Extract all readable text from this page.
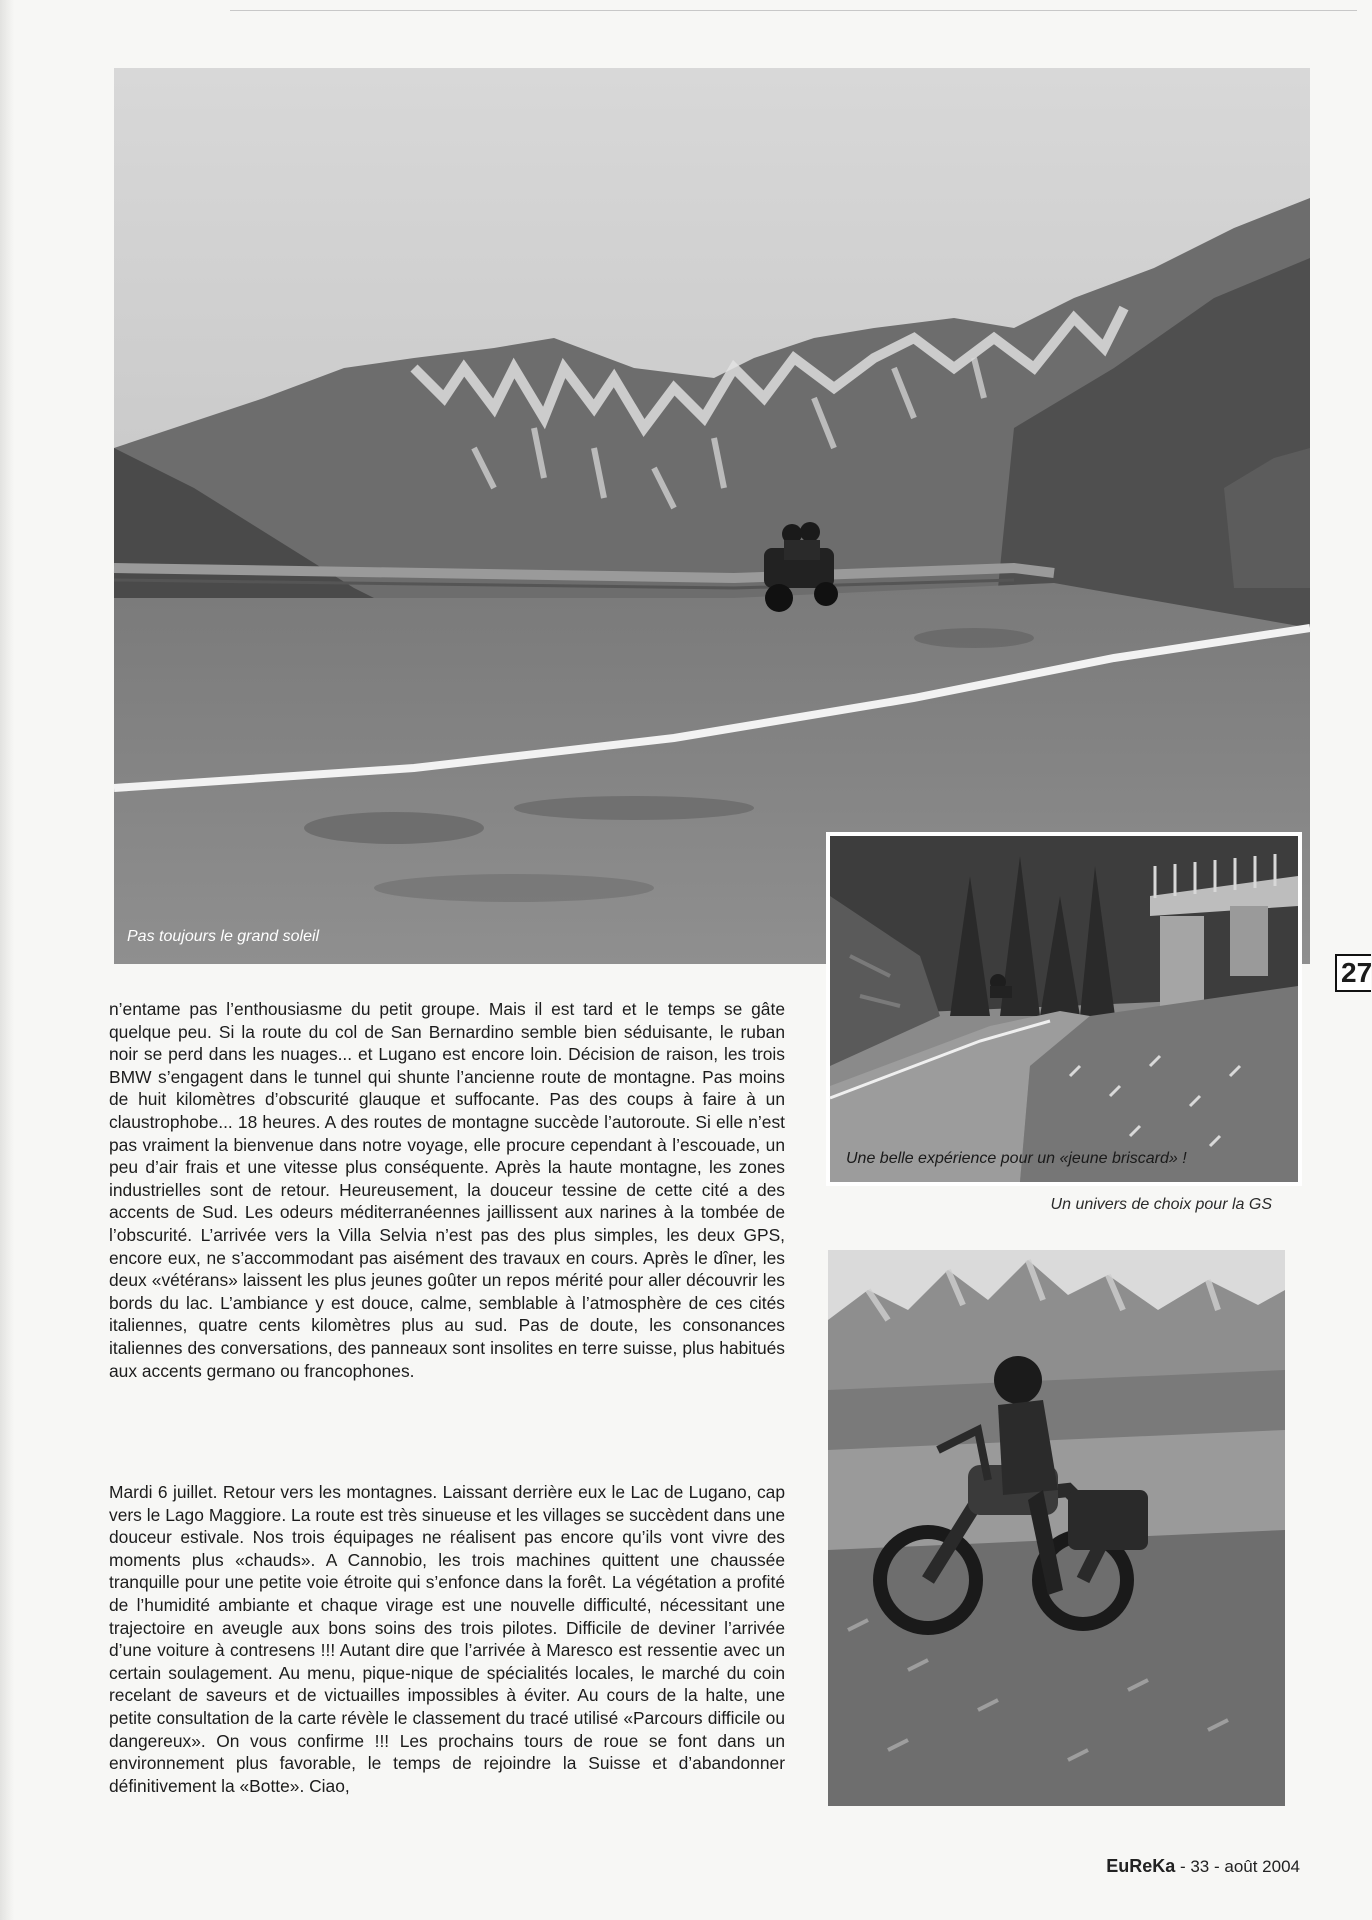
Pas toujours le grand soleil
Une belle expérience pour un «jeune briscard» !
Un univers de choix pour la GS
27

n’entame pas l’enthousiasme du petit groupe. Mais il est tard et le temps se gâte quelque peu. Si la route du col de San Bernardino semble bien séduisante, le ruban noir se perd dans les nuages... et Lugano est encore loin. Décision de raison, les trois BMW s’engagent dans le tunnel qui shunte l’ancienne route de montagne. Pas moins de huit kilomètres d’obscurité glauque et suffocante. Pas des coups à faire à un claustrophobe... 18 heures. A des routes de montagne succède l’autoroute. Si elle n’est pas vraiment la bienvenue dans notre voyage, elle procure cependant à l’escouade, un peu d’air frais et une vitesse plus conséquente. Après la haute montagne, les zones industrielles sont de retour. Heureusement, la douceur tessine de cette cité a des accents de Sud. Les odeurs méditerranéennes jaillissent aux narines à la tombée de l’obscurité. L’arrivée vers la Villa Selvia n’est pas des plus simples, les deux GPS, encore eux, ne s’accommodant pas aisément des travaux en cours. Après le dîner, les deux «vétérans» laissent les plus jeunes goûter un repos mérité pour aller découvrir les bords du lac. L’ambiance y est douce, calme, semblable à l’atmosphère de ces cités italiennes, quatre cents kilomètres plus au sud. Pas de doute, les consonances italiennes des conversations, des panneaux sont insolites en terre suisse, plus habitués aux accents germano ou francophones.

Mardi 6 juillet. Retour vers les montagnes. Laissant derrière eux le Lac de Lugano, cap vers le Lago Maggiore. La route est très sinueuse et les villages se succèdent dans une douceur estivale. Nos trois équipages ne réalisent pas encore qu’ils vont vivre des moments plus «chauds». A Cannobio, les trois machines quittent une chaussée tranquille pour une petite voie étroite qui s’enfonce dans la forêt. La végétation a profité de l’humidité ambiante et chaque virage est une nouvelle difficulté, nécessitant une trajectoire en aveugle aux bons soins des trois pilotes. Difficile de deviner l’arrivée d’une voiture à contresens !!! Autant dire que l’arrivée à Maresco est ressentie avec un certain soulagement. Au menu, pique-nique de spécialités locales, le marché du coin recelant de saveurs et de victuailles impossibles à éviter. Au cours de la halte, une petite consultation de la carte révèle le classement du tracé utilisé «Parcours difficile ou dangereux». On vous confirme !!! Les prochains tours de roue se font dans un environnement plus favorable, le temps de rejoindre la Suisse et d’abandonner définitivement la «Botte». Ciao,

EuReKa - 33 - août 2004
